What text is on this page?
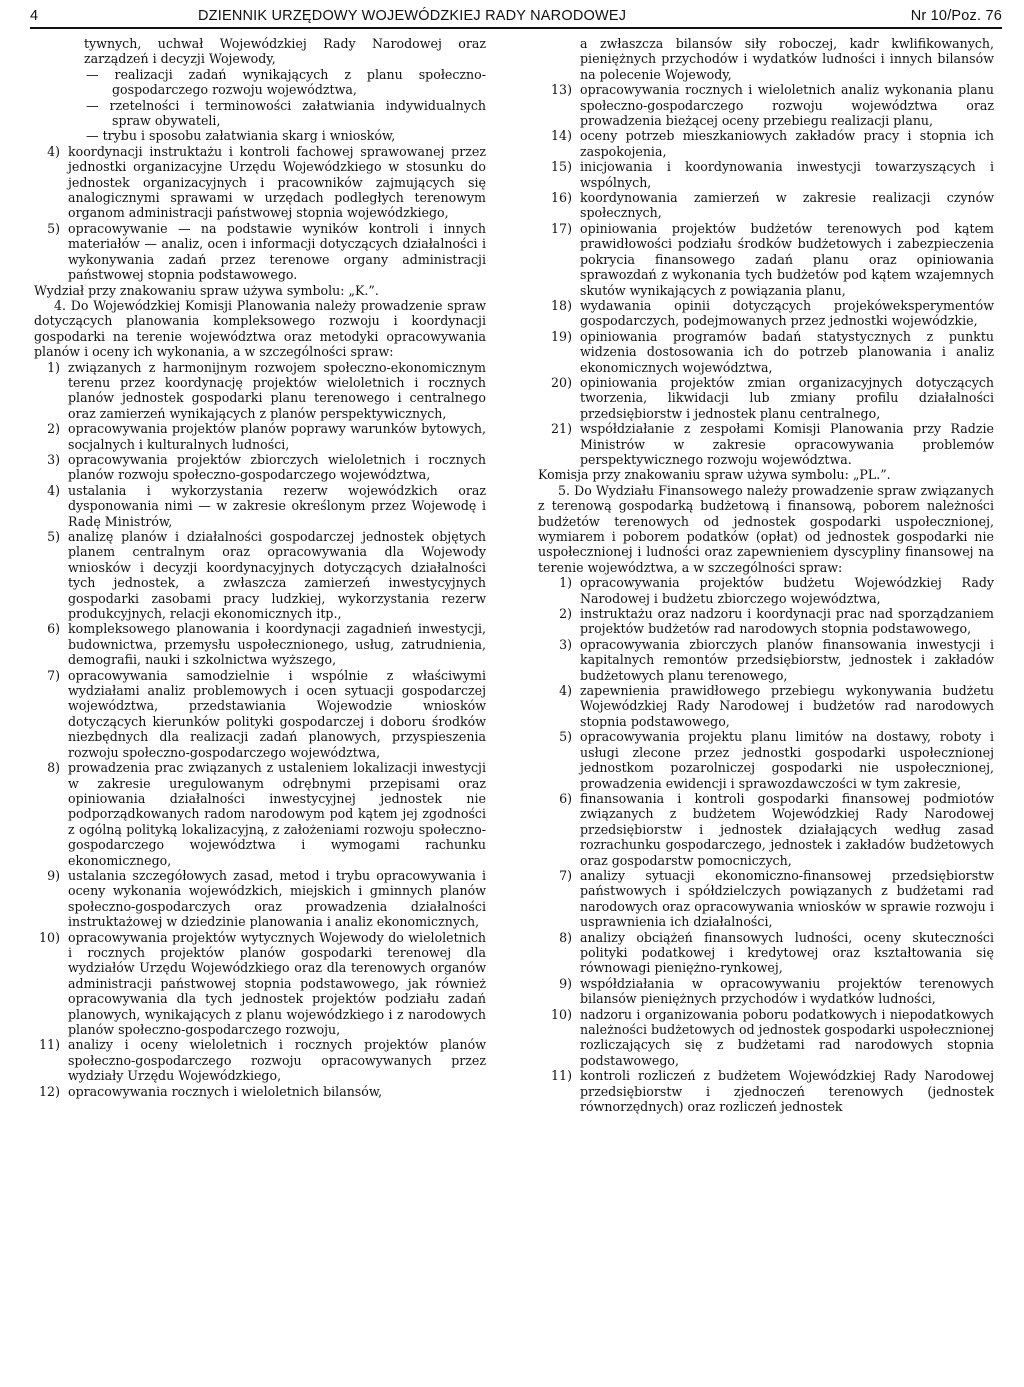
4	DZIENNIK URZĘDOWY WOJEWÓDZKIEJ RADY NARODOWEJ	Nr 10/Poz. 76

tywnych, uchwał Wojewódzkiej Rady Narodowej oraz zarządzeń i decyzji Wojewody,

— realizacji zadań wynikających z planu społeczno-gospodarczego rozwoju województwa,

— rzetelności i terminowości załatwiania indywidualnych spraw obywateli,

— trybu i sposobu załatwiania skarg i wniosków,

4) koordynacji instruktażu i kontroli fachowej sprawowanej przez jednostki organizacyjne Urzędu Wojewódzkiego w stosunku do jednostek organizacyjnych i pracowników zajmujących się analogicznymi sprawami w urzędach podległych terenowym organom administracji państwowej stopnia wojewódzkiego,
5) opracowywanie — na podstawie wyników kontroli i innych materiałów — analiz, ocen i informacji dotyczących działalności i wykonywania zadań przez terenowe organy administracji państwowej stopnia podstawowego.

Wydział przy znakowaniu spraw używa symbolu: „K.”.

4. Do Wojewódzkiej Komisji Planowania należy prowadzenie spraw dotyczących planowania kompleksowego rozwoju i koordynacji gospodarki na terenie województwa oraz metodyki opracowywania planów i oceny ich wykonania, a w szczególności spraw:

1) związanych z harmonijnym rozwojem społeczno-ekonomicznym terenu przez koordynację projektów wieloletnich i rocznych planów jednostek gospodarki planu terenowego i centralnego oraz zamierzeń wynikających z planów perspektywicznych,
2) opracowywania projektów planów poprawy warunków bytowych, socjalnych i kulturalnych ludności,
3) opracowywania projektów zbiorczych wieloletnich i rocznych planów rozwoju społeczno-gospodarczego województwa,
4) ustalania i wykorzystania rezerw wojewódzkich oraz dysponowania nimi — w zakresie określonym przez Wojewodę i Radę Ministrów,
5) analizę planów i działalności gospodarczej jednostek objętych planem centralnym oraz opracowywania dla Wojewody wniosków i decyzji koordynacyjnych dotyczących działalności tych jednostek, a zwłaszcza zamierzeń inwestycyjnych gospodarki zasobami pracy ludzkiej, wykorzystania rezerw produkcyjnych, relacji ekonomicznych itp.,
6) kompleksowego planowania i koordynacji zagadnień inwestycji, budownictwa, przemysłu uspołecznionego, usług, zatrudnienia, demografii, nauki i szkolnictwa wyższego,
7) opracowywania samodzielnie i wspólnie z właściwymi wydziałami analiz problemowych i ocen sytuacji gospodarczej województwa, przedstawiania Wojewodzie wniosków dotyczących kierunków polityki gospodarczej i doboru środków niezbędnych dla realizacji zadań planowych, przyspieszenia rozwoju społeczno-gospodarczego województwa,
8) prowadzenia prac związanych z ustaleniem lokalizacji inwestycji w zakresie uregulowanym odrębnymi przepisami oraz opiniowania działalności inwestycyjnej jednostek nie podporządkowanych radom narodowym pod kątem jej zgodności z ogólną polityką lokalizacyjną, z założeniami rozwoju społeczno-gospodarczego województwa i wymogami rachunku ekonomicznego,
9) ustalania szczegółowych zasad, metod i trybu opracowywania i oceny wykonania wojewódzkich, miejskich i gminnych planów społeczno-gospodarczych oraz prowadzenia działalności instruktażowej w dziedzinie planowania i analiz ekonomicznych,
10) opracowywania projektów wytycznych Wojewody do wieloletnich i rocznych projektów planów gospodarki terenowej dla wydziałów Urzędu Wojewódzkiego oraz dla terenowych organów administracji państwowej stopnia podstawowego, jak również opracowywania dla tych jednostek projektów podziału zadań planowych, wynikających z planu wojewódzkiego i z narodowych planów społeczno-gospodarczego rozwoju,
11) analizy i oceny wieloletnich i rocznych projektów planów społeczno-gospodarczego rozwoju opracowywanych przez wydziały Urzędu Wojewódzkiego,
12) opracowywania rocznych i wieloletnich bilansów,

a zwłaszcza bilansów siły roboczej, kadr kwlifikowanych, pieniężnych przychodów i wydatków ludności i innych bilansów na polecenie Wojewody,

13) opracowywania rocznych i wieloletnich analiz wykonania planu społeczno-gospodarczego rozwoju województwa oraz prowadzenia bieżącej oceny przebiegu realizacji planu,
14) oceny potrzeb mieszkaniowych zakładów pracy i stopnia ich zaspokojenia,
15) inicjowania i koordynowania inwestycji towarzyszących i wspólnych,
16) koordynowania zamierzeń w zakresie realizacji czynów społecznych,
17) opiniowania projektów budżetów terenowych pod kątem prawidłowości podziału środków budżetowych i zabezpieczenia pokrycia finansowego zadań planu oraz opiniowania sprawozdań z wykonania tych budżetów pod kątem wzajemnych skutów wynikających z powiązania planu,
18) wydawania opinii dotyczących projekóweksperymentów gospodarczych, podejmowanych przez jednostki wojewódzkie,
19) opiniowania programów badań statystycznych z punktu widzenia dostosowania ich do potrzeb planowania i analiz ekonomicznych województwa,
20) opiniowania projektów zmian organizacyjnych dotyczących tworzenia, likwidacji lub zmiany profilu działalności przedsiębiorstw i jednostek planu centralnego,
21) współdziałanie z zespołami Komisji Planowania przy Radzie Ministrów w zakresie opracowywania problemów perspektywicznego rozwoju województwa.

Komisja przy znakowaniu spraw używa symbolu: „PL.”.

5. Do Wydziału Finansowego należy prowadzenie spraw związanych z terenową gospodarką budżetową i finansową, poborem należności budżetów terenowych od jednostek gospodarki uspołecznionej, wymiarem i poborem podatków (opłat) od jednostek gospodarki nie uspołecznionej i ludności oraz zapewnieniem dyscypliny finansowej na terenie województwa, a w szczególności spraw:

1) opracowywania projektów budżetu Wojewódzkiej Rady Narodowej i budżetu zbiorczego województwa,
2) instruktażu oraz nadzoru i koordynacji prac nad sporządzaniem projektów budżetów rad narodowych stopnia podstawowego,
3) opracowywania zbiorczych planów finansowania inwestycji i kapitalnych remontów przedsiębiorstw, jednostek i zakładów budżetowych planu terenowego,
4) zapewnienia prawidłowego przebiegu wykonywania budżetu Wojewódzkiej Rady Narodowej i budżetów rad narodowych stopnia podstawowego,
5) opracowywania projektu planu limitów na dostawy, roboty i usługi zlecone przez jednostki gospodarki uspołecznionej jednostkom pozarolniczej gospodarki nie uspołecznionej, prowadzenia ewidencji i sprawozdawczości w tym zakresie,
6) finansowania i kontroli gospodarki finansowej podmiotów związanych z budżetem Wojewódzkiej Rady Narodowej przedsiębiorstw i jednostek działających według zasad rozrachunku gospodarczego, jednostek i zakładów budżetowych oraz gospodarstw pomocniczych,
7) analizy sytuacji ekonomiczno-finansowej przedsiębiorstw państwowych i spółdzielczych powiązanych z budżetami rad narodowych oraz opracowywania wniosków w sprawie rozwoju i usprawnienia ich działalności,
8) analizy obciążeń finansowych ludności, oceny skuteczności polityki podatkowej i kredytowej oraz kształtowania się równowagi pieniężno-rynkowej,
9) współdziałania w opracowywaniu projektów terenowych bilansów pieniężnych przychodów i wydatków ludności,
10) nadzoru i organizowania poboru podatkowych i niepodatkowych należności budżetowych od jednostek gospodarki uspołecznionej rozliczających się z budżetami rad narodowych stopnia podstawowego,
11) kontroli rozliczeń z budżetem Wojewódzkiej Rady Narodowej przedsiębiorstw i zjednoczeń terenowych (jednostek równorzędnych) oraz rozliczeń jednostek
